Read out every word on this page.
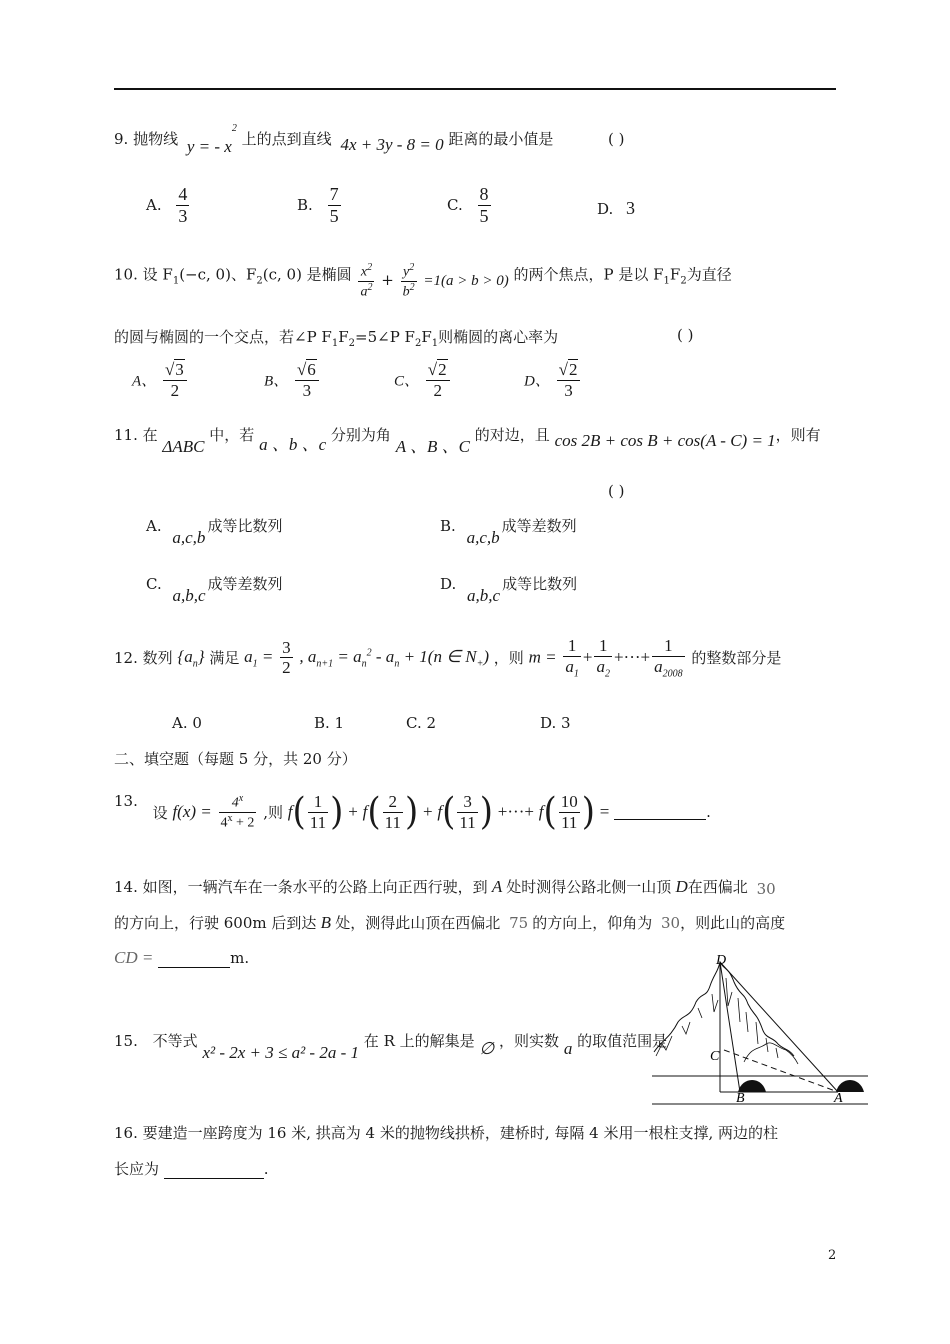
9. 抛物线 y = - $x^2$ 上的点到直线 4x + 3y - 8 = 0 距离的最小值是	( )
A. $\frac{4}{3}$	B. $\frac{7}{5}$	C. $\frac{8}{5}$	D. 3
10. 设 $F_1(-c$, 0)、$F_2(c$, 0) 是椭圆 $\frac{x^2}{a^2} + \frac{y^2}{b^2} =1(a > b > 0)$ 的两个焦点，P 是以 $F_1F_2$为直径
的圆与椭圆的一个交点，若∠P $F_1F_2=5\angle P$ $F_2F_1$则椭圆的离心率为	( )
A、 $\frac{√3}{2}$	B、 $\frac{√6}{3}$	C、 $\frac{√2}{2}$	D、 $\frac{√2}{3}$
11. 在 ΔABC 中，若 a 、b 、c 分别为角 A 、B 、C 的对边，且 cos 2B + cos B + cos(A - C) = 1，则有
( )
A. a,c,b成等比数列	B. a,c,b成等差数列
C. a,b,c成等差数列	D. a,b,c成等比数列
12. 数列 $\{a_n\}$ 满足 $a_1 = \frac{3}{2}$ , $a_{n+1} = a_n^2 - a_n + 1(n$ ∈ $N_+$) ，则 $m = \frac{1}{a_1} + \frac{1}{a_2}$ +···+ $\frac{1}{a_{2008}}$ 的整数部分是
A. 0	B. 1	C. 2	D. 3
二、填空题（每题 5 分，共 20 分）
13. 设 $f(x) = \frac{4^x}{4^x + 2}$ ,则 $f( \frac{1}{11}$ ) + $f( \frac{2}{11}$ ) + $f( \frac{3}{11}$ ) +···+ $f( \frac{10}{11}$ ) =	.
14. 如图，一辆汽车在一条水平的公路上向正西行驶，到 A 处时测得公路北侧一山顶 D在西偏北 30
的方向上，行驶 600m 后到达 B 处，测得此山顶在西偏北 75 的方向上，仰角为 30，则此山的高度
CD =	m.
15. 不等式 x² - 2x + 3 ≤ a² - 2a - 1 在 R 上的解集是 ∅ ，则实数 a 的取值范围是
D
C
B	A
16. 要建造一座跨度为 16 米, 拱高为 4 米的抛物线拱桥，建桥时, 每隔 4 米用一根柱支撑, 两边的柱
长应为	.
2
